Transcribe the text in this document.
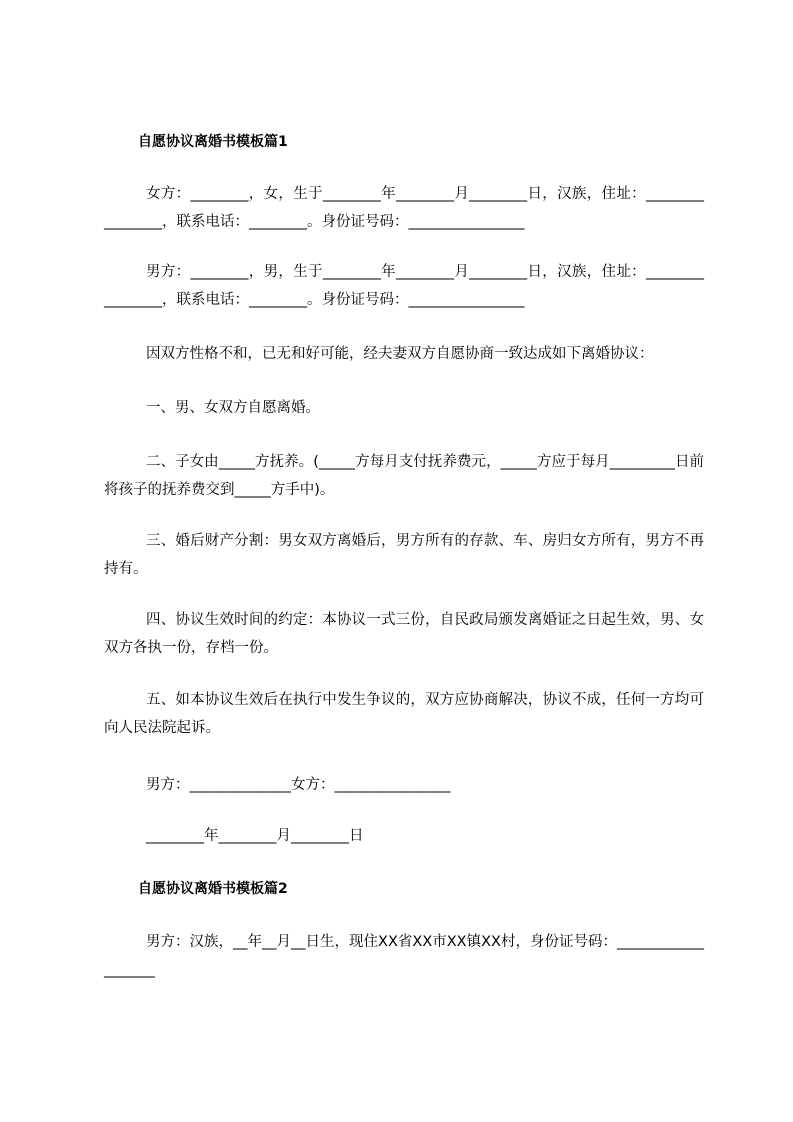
自愿协议离婚书模板篇1
女方：________，女，生于________年________月________日，汉族，住址：________________，联系电话：________。身份证号码：________________
男方：________，男，生于________年________月________日，汉族，住址：________________，联系电话：________。身份证号码：________________
因双方性格不和，已无和好可能，经夫妻双方自愿协商一致达成如下离婚协议：
一、男、女双方自愿离婚。
二、子女由_____方抚养。(_____方每月支付抚养费元，_____方应于每月_________日前将孩子的抚养费交到_____方手中)。
三、婚后财产分割：男女双方离婚后，男方所有的存款、车、房归女方所有，男方不再持有。
四、协议生效时间的约定：本协议一式三份，自民政局颁发离婚证之日起生效，男、女双方各执一份，存档一份。
五、如本协议生效后在执行中发生争议的，双方应协商解决，协议不成，任何一方均可向人民法院起诉。
男方：______________女方：________________
________年________月________日
自愿协议离婚书模板篇2
男方：汉族，__年__月__日生，现住XX省XX市XX镇XX村，身份证号码：___________________
